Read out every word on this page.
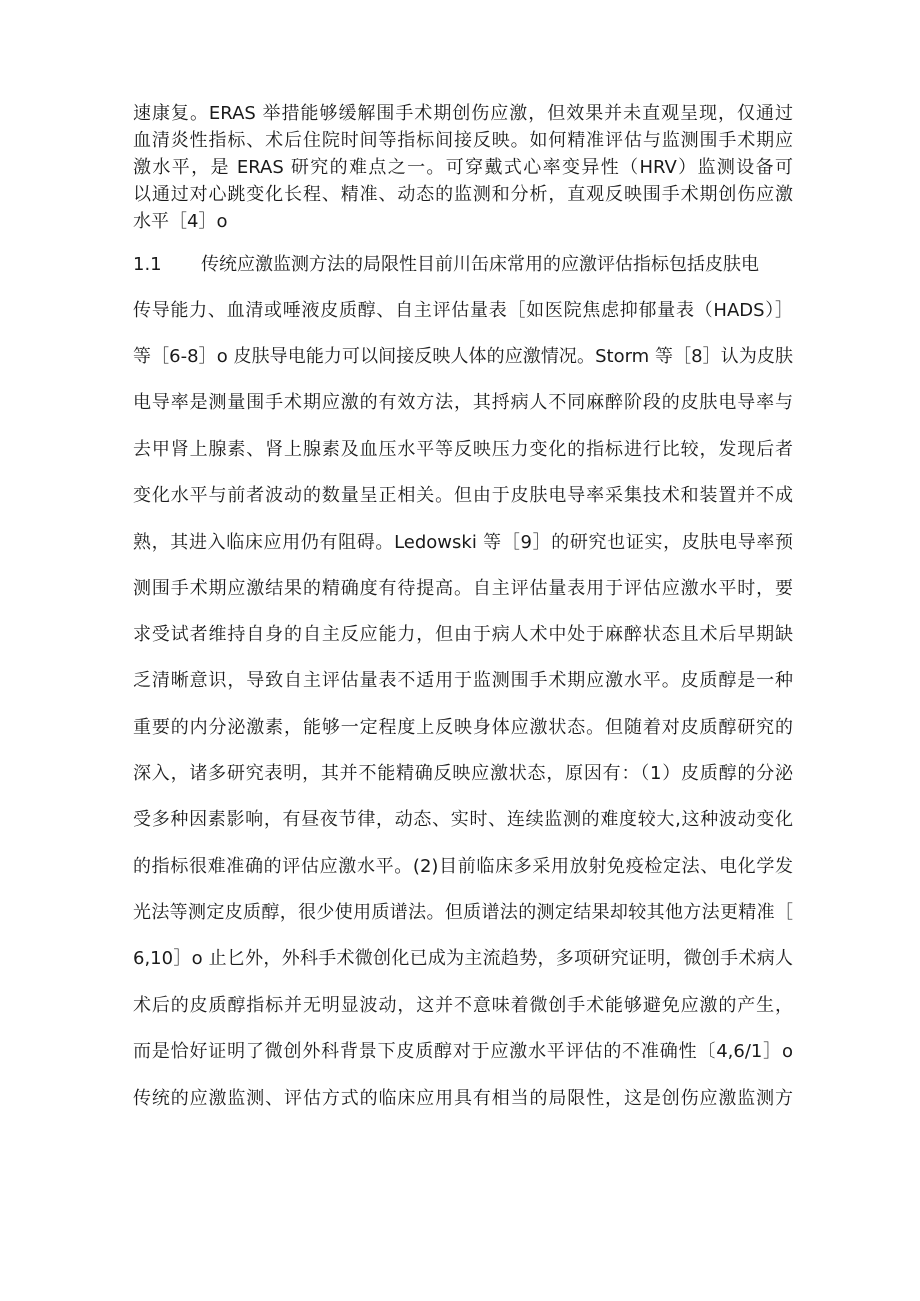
速康复。ERAS 举措能够缓解围手术期创伤应激，但效果并未直观呈现，仅通过
血清炎性指标、术后住院时间等指标间接反映。如何精准评估与监测围手术期应
激水平，是 ERAS 研究的难点之一。可穿戴式心率变异性（HRV）监测设备可
以通过对心跳变化长程、精准、动态的监测和分析，直观反映围手术期创伤应激
水平［4］o
1.1 传统应激监测方法的局限性目前川缶床常用的应激评估指标包括皮肤电
传导能力、血清或唾液皮质醇、自主评估量表［如医院焦虑抑郁量表（HADS）］
等［6-8］o 皮肤导电能力可以间接反映人体的应激情况。Storm 等［8］认为皮肤
电导率是测量围手术期应激的有效方法，其捋病人不同麻醉阶段的皮肤电导率与
去甲肾上腺素、肾上腺素及血压水平等反映压力变化的指标进行比较，发现后者
变化水平与前者波动的数量呈正相关。但由于皮肤电导率采集技术和装置并不成
熟，其进入临床应用仍有阻碍。Ledowski 等［9］的研究也证实，皮肤电导率预
测围手术期应激结果的精确度有待提高。自主评估量表用于评估应激水平时，要
求受试者维持自身的自主反应能力，但由于病人术中处于麻醉状态且术后早期缺
乏清晰意识，导致自主评估量表不适用于监测围手术期应激水平。皮质醇是一种
重要的内分泌激素，能够一定程度上反映身体应激状态。但随着对皮质醇研究的
深入，诸多研究表明，其并不能精确反映应激状态，原因有：（1）皮质醇的分泌
受多种因素影响，有昼夜节律，动态、实时、连续监测的难度较大,这种波动变化
的指标很难准确的评估应激水平。(2)目前临床多采用放射免疫检定法、电化学发
光法等测定皮质醇，很少使用质谱法。但质谱法的测定结果却较其他方法更精准［
6,10］o 止匕外，外科手术微创化已成为主流趋势，多项研究证明，微创手术病人
术后的皮质醇指标并无明显波动，这并不意味着微创手术能够避免应激的产生，
而是恰好证明了微创外科背景下皮质醇对于应激水平评估的不准确性〔4,6/1］o
传统的应激监测、评估方式的临床应用具有相当的局限性，这是创伤应激监测方
